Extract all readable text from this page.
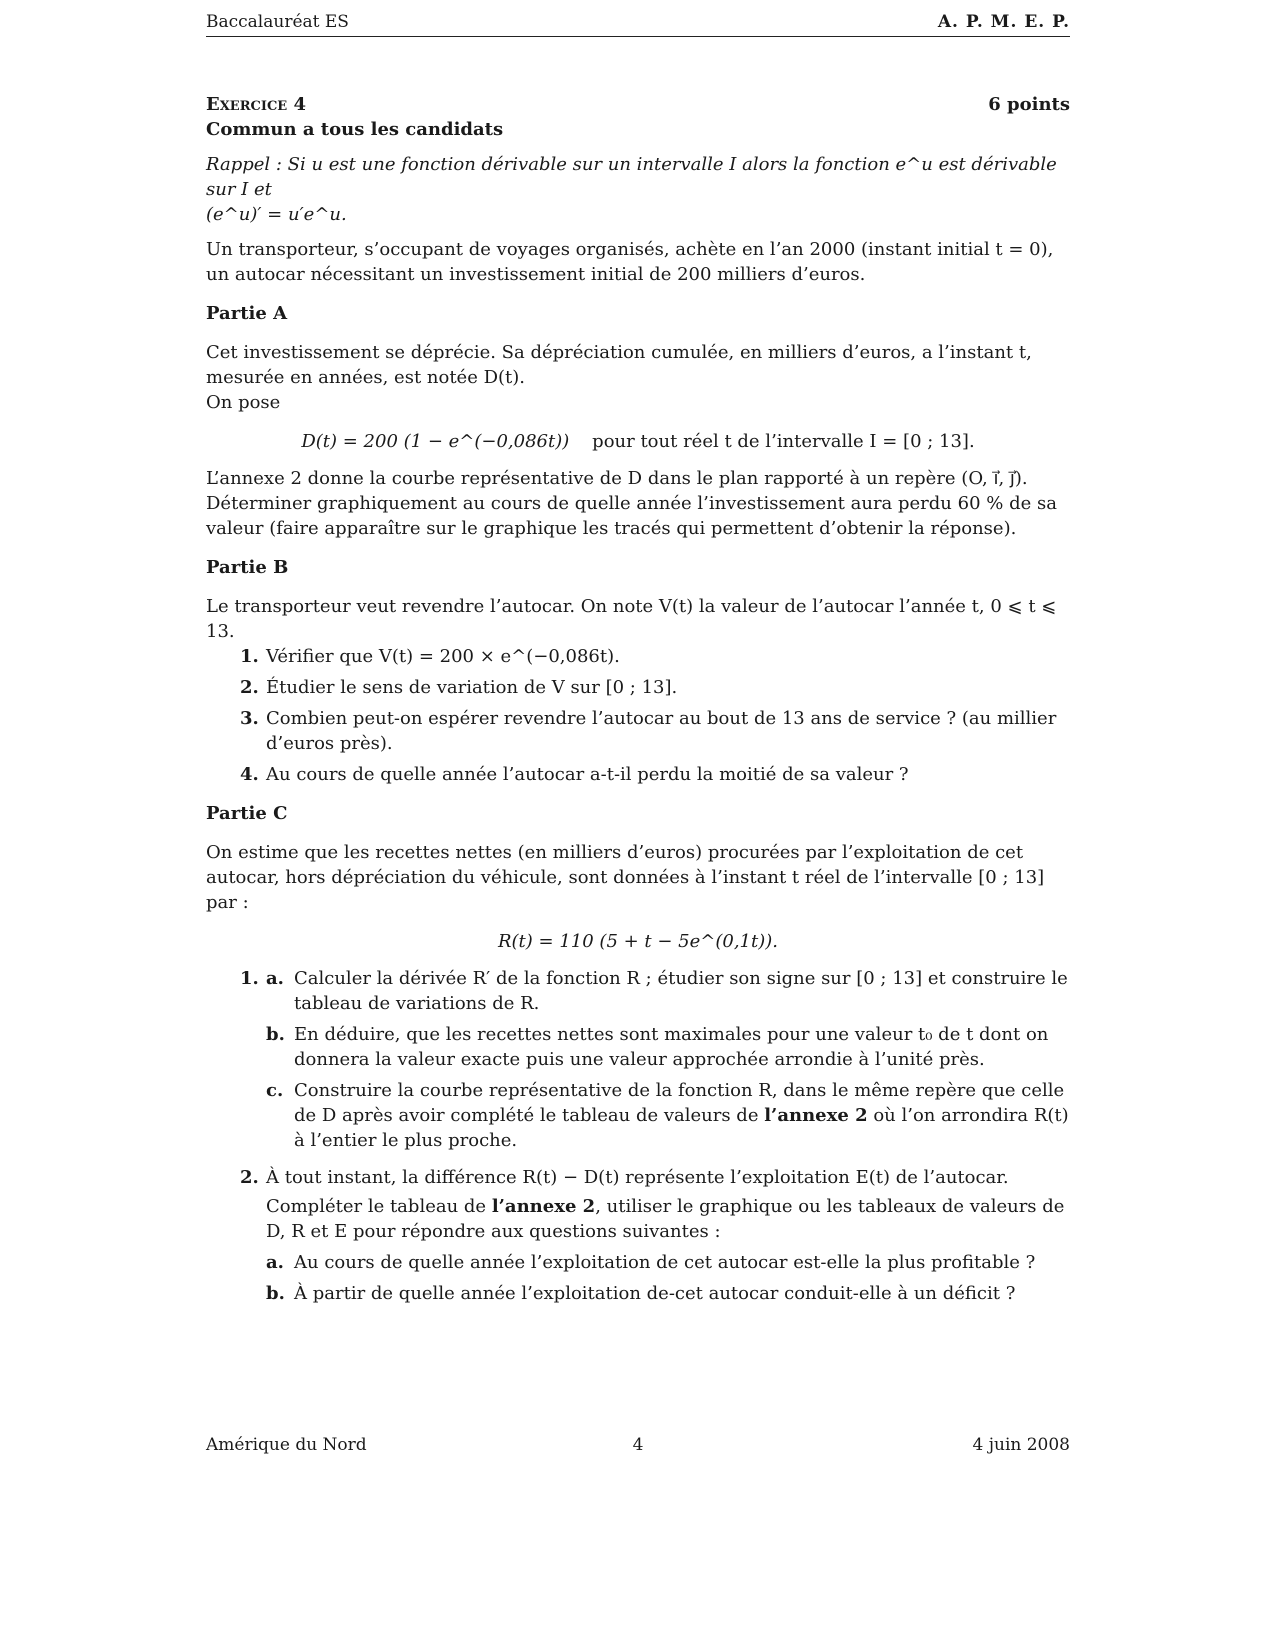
Baccalauréat ES	A. P. M. E. P.
Exercice 4	6 points

Commun a tous les candidats

Rappel : Si u est une fonction dérivable sur un intervalle I alors la fonction e^u est dérivable sur I et

(e^u)′ = u′e^u.

Un transporteur, s’occupant de voyages organisés, achète en l’an 2000 (instant initial t = 0), un autocar nécessitant un investissement initial de 200 milliers d’euros.

Partie A

Cet investissement se déprécie. Sa dépréciation cumulée, en milliers d’euros, a l’instant t, mesurée en années, est notée D(t).

On pose

D(t) = 200 (1 − e^(−0,086t)) pour tout réel t de l’intervalle I = [0 ; 13].

L’annexe 2 donne la courbe représentative de D dans le plan rapporté à un repère (O, i⃗, j⃗).

Déterminer graphiquement au cours de quelle année l’investissement aura perdu 60 % de sa valeur (faire apparaître sur le graphique les tracés qui permettent d’obtenir la réponse).

Partie B

Le transporteur veut revendre l’autocar. On note V(t) la valeur de l’autocar l’année t, 0 ⩽ t ⩽ 13.

1. Vérifier que V(t) = 200 × e^(−0,086t).
2. Étudier le sens de variation de V sur [0 ; 13].
3. Combien peut-on espérer revendre l’autocar au bout de 13 ans de service ? (au millier d’euros près).
4. Au cours de quelle année l’autocar a-t-il perdu la moitié de sa valeur ?

Partie C

On estime que les recettes nettes (en milliers d’euros) procurées par l’exploitation de cet autocar, hors dépréciation du véhicule, sont données à l’instant t réel de l’intervalle [0 ; 13] par :

R(t) = 110 (5 + t − 5e^(0,1t)).

1. a. Calculer la dérivée R′ de la fonction R ; étudier son signe sur [0 ; 13] et construire le tableau de variations de R.
b. En déduire, que les recettes nettes sont maximales pour une valeur t₀ de t dont on donnera la valeur exacte puis une valeur approchée arrondie à l’unité près.
c. Construire la courbe représentative de la fonction R, dans le même repère que celle de D après avoir complété le tableau de valeurs de l’annexe 2 où l’on arrondira R(t) à l’entier le plus proche.
2. À tout instant, la différence R(t) − D(t) représente l’exploitation E(t) de l’autocar.

Compléter le tableau de l’annexe 2, utiliser le graphique ou les tableaux de valeurs de D, R et E pour répondre aux questions suivantes :

a. Au cours de quelle année l’exploitation de cet autocar est-elle la plus profitable ?
b. À partir de quelle année l’exploitation de-cet autocar conduit-elle à un déficit ?
Amérique du Nord	4	4 juin 2008
